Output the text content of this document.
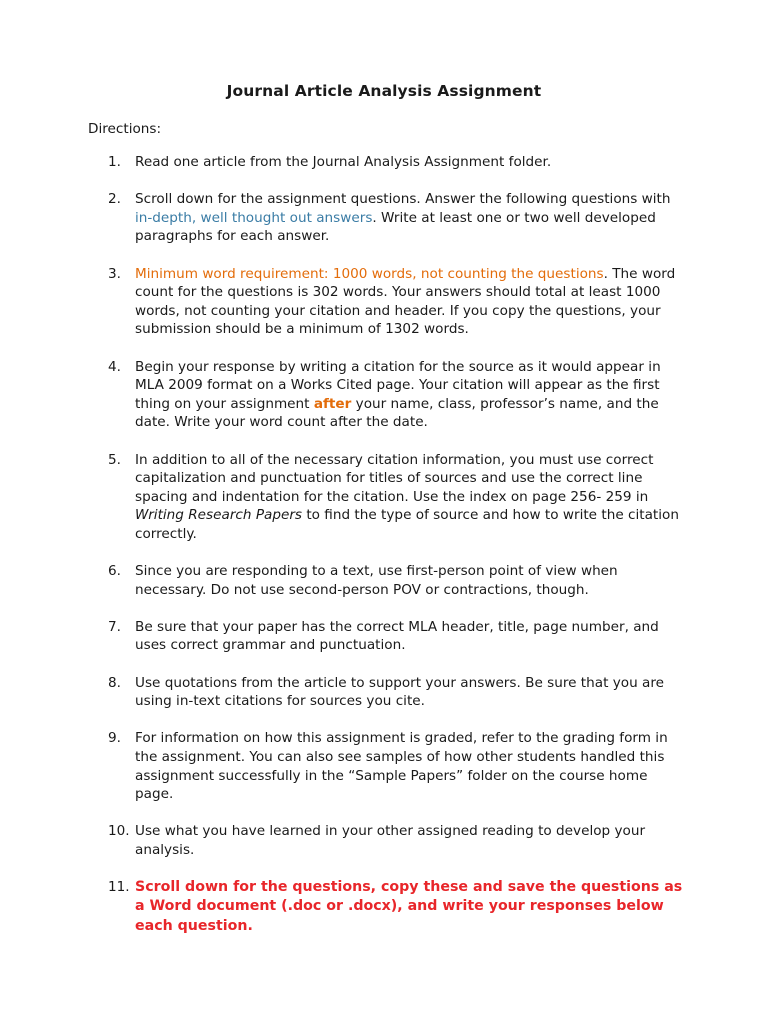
Journal Article Analysis Assignment
Directions:
1. Read one article from the Journal Analysis Assignment folder.
2. Scroll down for the assignment questions. Answer the following questions with in-depth, well thought out answers. Write at least one or two well developed paragraphs for each answer.
3. Minimum word requirement: 1000 words, not counting the questions. The word count for the questions is 302 words. Your answers should total at least 1000 words, not counting your citation and header. If you copy the questions, your submission should be a minimum of 1302 words.
4. Begin your response by writing a citation for the source as it would appear in MLA 2009 format on a Works Cited page. Your citation will appear as the first thing on your assignment after your name, class, professor’s name, and the date. Write your word count after the date.
5. In addition to all of the necessary citation information, you must use correct capitalization and punctuation for titles of sources and use the correct line spacing and indentation for the citation. Use the index on page 256- 259 in Writing Research Papers to find the type of source and how to write the citation correctly.
6. Since you are responding to a text, use first-person point of view when necessary. Do not use second-person POV or contractions, though.
7. Be sure that your paper has the correct MLA header, title, page number, and uses correct grammar and punctuation.
8. Use quotations from the article to support your answers. Be sure that you are using in-text citations for sources you cite.
9. For information on how this assignment is graded, refer to the grading form in the assignment. You can also see samples of how other students handled this assignment successfully in the “Sample Papers” folder on the course home page.
10. Use what you have learned in your other assigned reading to develop your analysis.
11. Scroll down for the questions, copy these and save the questions as a Word document (.doc or .docx), and write your responses below each question.
